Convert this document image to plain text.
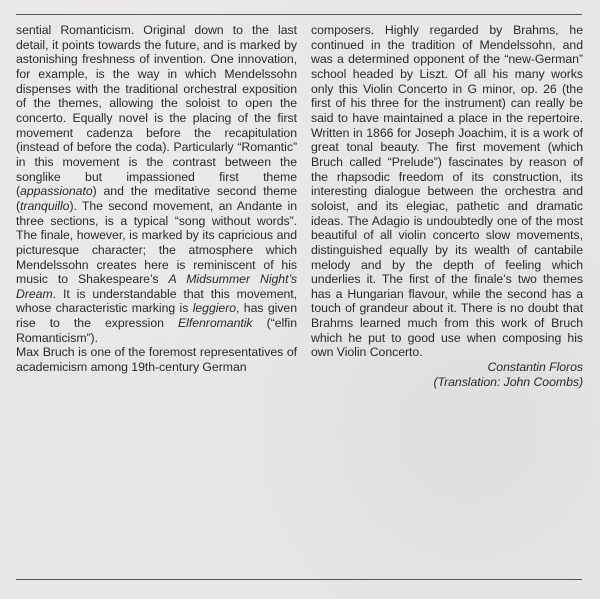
sential Romanticism. Original down to the last detail, it points towards the future, and is marked by astonishing freshness of invention. One innovation, for example, is the way in which Mendelssohn dispenses with the traditional orchestral exposition of the themes, allowing the soloist to open the concerto. Equally novel is the placing of the first movement cadenza before the recapitulation (instead of before the coda). Particularly “Romantic” in this movement is the contrast between the songlike but impassioned first theme (appassionato) and the meditative second theme (tranquillo). The second movement, an Andante in three sections, is a typical “song without words”. The finale, however, is marked by its capricious and picturesque character; the atmosphere which Mendelssohn creates here is reminiscent of his music to Shakespeare’s A Midsummer Night’s Dream. It is understandable that this movement, whose characteristic marking is leggiero, has given rise to the expression Elfenromantik (“elfin Romanticism”).

Max Bruch is one of the foremost representatives of academicism among 19th-century German

composers. Highly regarded by Brahms, he continued in the tradition of Mendelssohn, and was a determined opponent of the “new-German” school headed by Liszt. Of all his many works only this Violin Concerto in G minor, op. 26 (the first of his three for the instrument) can really be said to have maintained a place in the repertoire. Written in 1866 for Joseph Joachim, it is a work of great tonal beauty. The first movement (which Bruch called “Prelude”) fascinates by reason of the rhapsodic freedom of its construction, its interesting dialogue between the orchestra and soloist, and its elegiac, pathetic and dramatic ideas. The Adagio is undoubtedly one of the most beautiful of all violin concerto slow movements, distinguished equally by its wealth of cantabile melody and by the depth of feeling which underlies it. The first of the finale’s two themes has a Hungarian flavour, while the second has a touch of grandeur about it. There is no doubt that Brahms learned much from this work of Bruch which he put to good use when composing his own Violin Concerto.

Constantin Floros

(Translation: John Coombs)
